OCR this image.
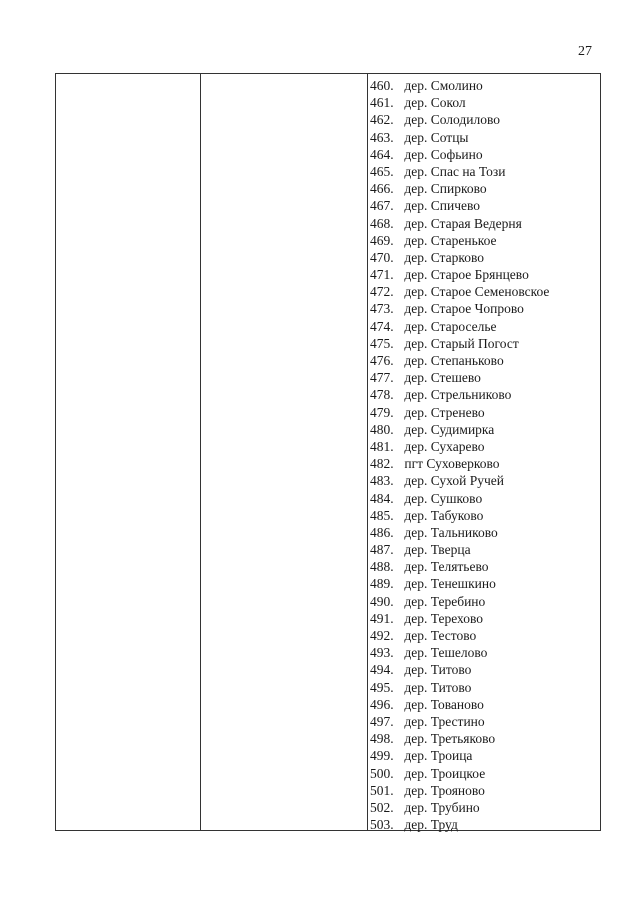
27
460. дер. Смолино
461. дер. Сокол
462. дер. Солодилово
463. дер. Сотцы
464. дер. Софьино
465. дер. Спас на Този
466. дер. Спирково
467. дер. Спичево
468. дер. Старая Ведерня
469. дер. Старенькое
470. дер. Старково
471. дер. Старое Брянцево
472. дер. Старое Семеновское
473. дер. Старое Чопрово
474. дер. Староселье
475. дер. Старый Погост
476. дер. Степаньково
477. дер. Стешево
478. дер. Стрельниково
479. дер. Стренево
480. дер. Судимирка
481. дер. Сухарево
482. пгт Суховерково
483. дер. Сухой Ручей
484. дер. Сушково
485. дер. Табуково
486. дер. Тальниково
487. дер. Тверца
488. дер. Телятьево
489. дер. Тенешкино
490. дер. Теребино
491. дер. Терехово
492. дер. Тестово
493. дер. Тешелово
494. дер. Титово
495. дер. Титово
496. дер. Тованово
497. дер. Трестино
498. дер. Третьяково
499. дер. Троица
500. дер. Троицкое
501. дер. Трояново
502. дер. Трубино
503. дер. Труд
